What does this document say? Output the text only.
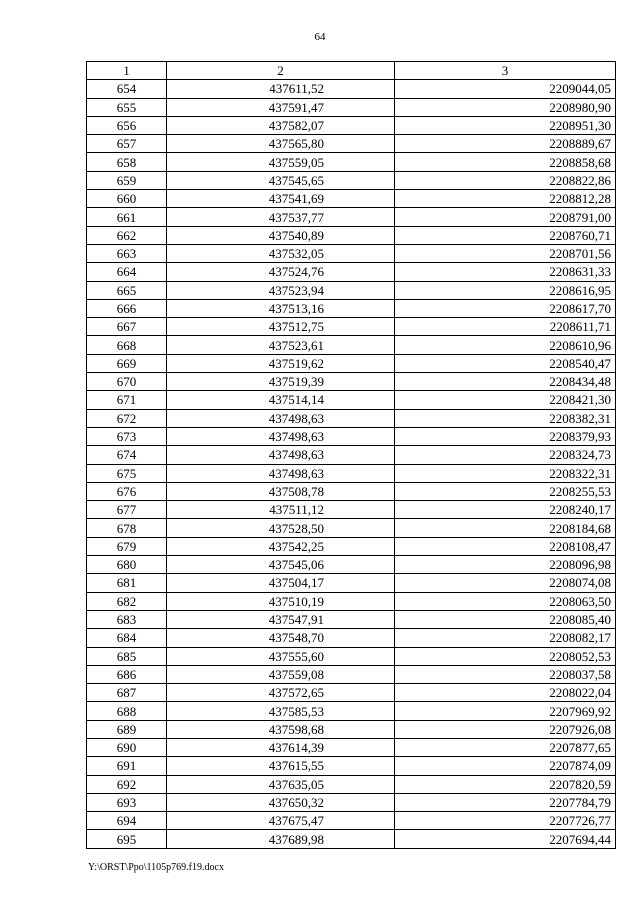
64
1	2	3
654	437611,52	2209044,05
655	437591,47	2208980,90
656	437582,07	2208951,30
657	437565,80	2208889,67
658	437559,05	2208858,68
659	437545,65	2208822,86
660	437541,69	2208812,28
661	437537,77	2208791,00
662	437540,89	2208760,71
663	437532,05	2208701,56
664	437524,76	2208631,33
665	437523,94	2208616,95
666	437513,16	2208617,70
667	437512,75	2208611,71
668	437523,61	2208610,96
669	437519,62	2208540,47
670	437519,39	2208434,48
671	437514,14	2208421,30
672	437498,63	2208382,31
673	437498,63	2208379,93
674	437498,63	2208324,73
675	437498,63	2208322,31
676	437508,78	2208255,53
677	437511,12	2208240,17
678	437528,50	2208184,68
679	437542,25	2208108,47
680	437545,06	2208096,98
681	437504,17	2208074,08
682	437510,19	2208063,50
683	437547,91	2208085,40
684	437548,70	2208082,17
685	437555,60	2208052,53
686	437559,08	2208037,58
687	437572,65	2208022,04
688	437585,53	2207969,92
689	437598,68	2207926,08
690	437614,39	2207877,65
691	437615,55	2207874,09
692	437635,05	2207820,59
693	437650,32	2207784,79
694	437675,47	2207726,77
695	437689,98	2207694,44
Y:\ORST\Ppo\1105p769.f19.docx
